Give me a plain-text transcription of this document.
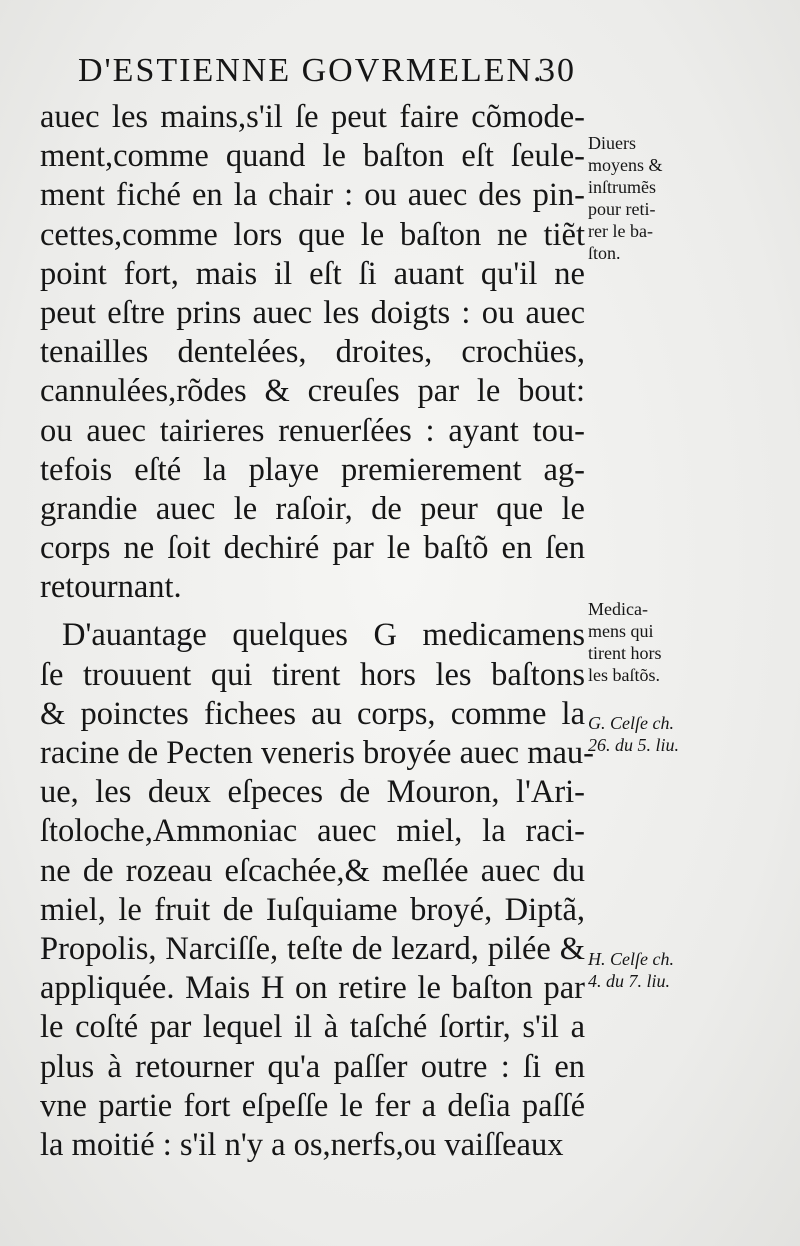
D'ESTIENNE GOVRMELEN.
30
auec les mains,s'il ſe peut faire cõmode-
ment,comme quand le baſton eſt ſeule-
ment fiché en la chair : ou auec des pin-
cettes,comme lors que le baſton ne tiẽt
point fort, mais il eſt ſi auant qu'il ne
peut eſtre prins auec les doigts : ou auec
tenailles dentelées, droites, crochües,
cannulées,rõdes & creuſes par le bout:
ou auec tairieres renuerſées : ayant tou-
tefois eſté la playe premierement ag-
grandie auec le raſoir, de peur que le
corps ne ſoit dechiré par le baſtõ en ſen
retournant.
D'auantage quelques G medicamens
ſe trouuent qui tirent hors les baſtons
& poinctes fichees au corps, comme la
racine de Pecten veneris broyée auec mau-
ue, les deux eſpeces de Mouron, l'Ari-
ſtoloche,Ammoniac auec miel, la raci-
ne de rozeau eſcachée,& meſlée auec du
miel, le fruit de Iuſquiame broyé, Diptã,
Propolis, Narciſſe, teſte de lezard, pilée &
appliquée. Mais H on retire le baſton par
le coſté par lequel il à taſché ſortir, s'il a
plus à retourner qu'a paſſer outre : ſi en
vne partie fort eſpeſſe le fer a deſia paſſé
la moitié : s'il n'y a os,nerfs,ou vaiſſeaux
Diuers
moyens &
inſtrumẽs
pour reti-
rer le ba-
ſton.
Medica-
mens qui
tirent hors
les baſtõs.
G. Celſe ch.
26. du 5. liu.
H. Celſe ch.
4. du 7. liu.
